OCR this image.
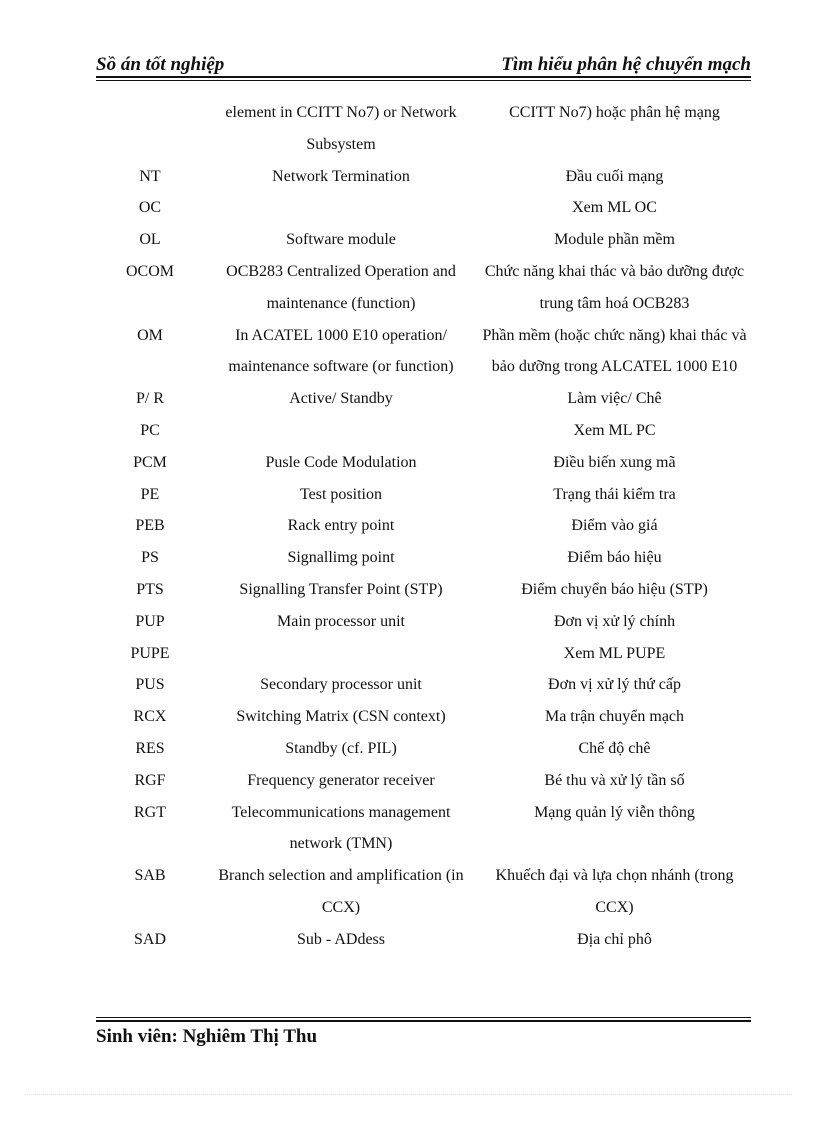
Sồ án tốt nghiệp	Tìm hiểu phân hệ chuyển mạch
	element in CCITT No7) or Network Subsystem	CCITT No7) hoặc phân hệ mạng
NT	Network Termination	Đầu cuối mạng
OC		Xem ML OC
OL	Software module	Module phần mềm
OCOM	OCB283 Centralized Operation and maintenance (function)	Chức năng khai thác và bảo dưỡng được trung tâm hoá OCB283
OM	In ACATEL 1000 E10 operation/ maintenance software (or function)	Phần mềm (hoặc chức năng) khai thác và bảo dưỡng trong ALCATEL 1000 E10
P/ R	Active/ Standby	Làm việc/ Chê
PC		Xem ML PC
PCM	Pusle Code Modulation	Điều biến xung mã
PE	Test position	Trạng thái kiểm tra
PEB	Rack entry point	Điểm vào giá
PS	Signallimg point	Điểm báo hiệu
PTS	Signalling Transfer Point (STP)	Điểm chuyển báo hiệu (STP)
PUP	Main processor unit	Đơn vị xử lý chính
PUPE		Xem ML PUPE
PUS	Secondary processor unit	Đơn vị xử lý thứ cấp
RCX	Switching Matrix (CSN context)	Ma trận chuyển mạch
RES	Standby (cf. PIL)	Chế độ chê
RGF	Frequency generator receiver	Bé thu và xử lý tần số
RGT	Telecommunications management network (TMN)	Mạng quản lý viễn thông
SAB	Branch selection and amplification (in CCX)	Khuếch đại và lựa chọn nhánh (trong CCX)
SAD	Sub - ADdess	Địa chỉ phô
Sinh viên: Nghiêm Thị Thu
